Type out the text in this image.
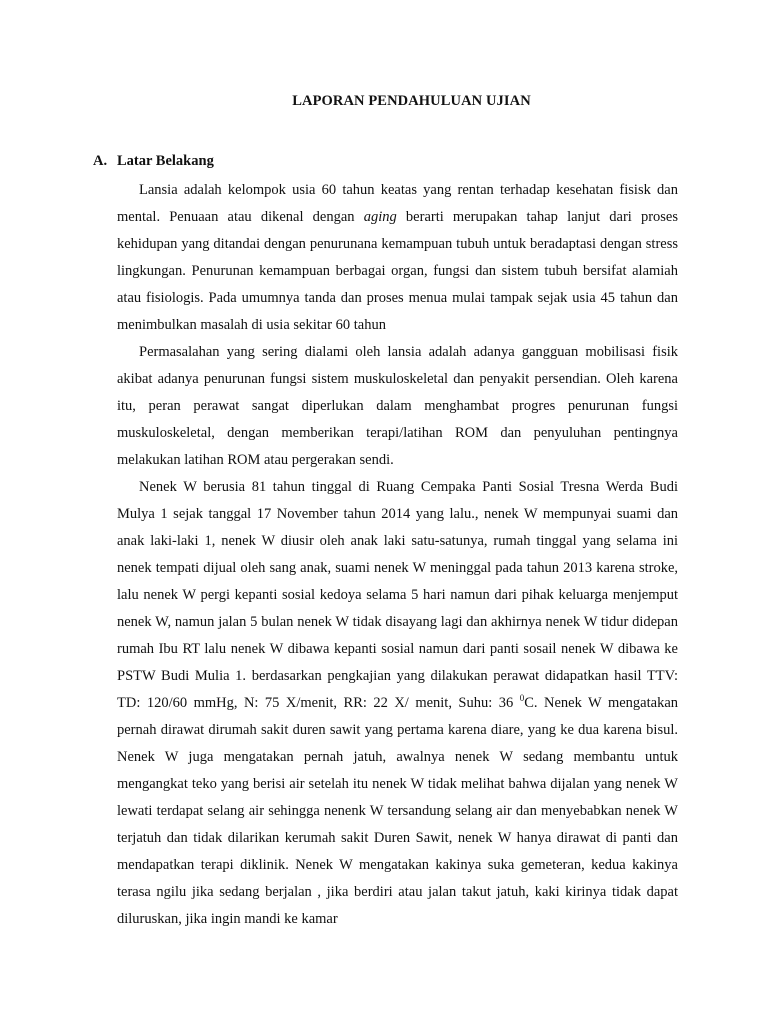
LAPORAN PENDAHULUAN UJIAN
A. Latar Belakang

Lansia adalah kelompok usia 60 tahun keatas yang rentan terhadap kesehatan fisisk dan mental. Penuaan atau dikenal dengan aging berarti merupakan tahap lanjut dari proses kehidupan yang ditandai dengan penurunana kemampuan tubuh untuk beradaptasi dengan stress lingkungan. Penurunan kemampuan berbagai organ, fungsi dan sistem tubuh bersifat alamiah atau fisiologis. Pada umumnya tanda dan proses menua mulai tampak sejak usia 45 tahun dan menimbulkan masalah di usia sekitar 60 tahun

Permasalahan yang sering dialami oleh lansia adalah adanya gangguan mobilisasi fisik akibat adanya penurunan fungsi sistem muskuloskeletal dan penyakit persendian. Oleh karena itu, peran perawat sangat diperlukan dalam menghambat progres penurunan fungsi muskuloskeletal, dengan memberikan terapi/latihan ROM dan penyuluhan pentingnya melakukan latihan ROM atau pergerakan sendi.

Nenek W berusia 81 tahun tinggal di Ruang Cempaka Panti Sosial Tresna Werda Budi Mulya 1 sejak tanggal 17 November tahun 2014 yang lalu., nenek W mempunyai suami dan anak laki-laki 1, nenek W diusir oleh anak laki satu-satunya, rumah tinggal yang selama ini nenek tempati dijual oleh sang anak, suami nenek W meninggal pada tahun 2013 karena stroke, lalu nenek W pergi kepanti sosial kedoya selama 5 hari namun dari pihak keluarga menjemput nenek W, namun jalan 5 bulan nenek W tidak disayang lagi dan akhirnya nenek W tidur didepan rumah Ibu RT lalu nenek W dibawa kepanti sosial namun dari panti sosail nenek W dibawa ke PSTW Budi Mulia 1. berdasarkan pengkajian yang dilakukan perawat didapatkan hasil TTV: TD: 120/60 mmHg, N: 75 X/menit, RR: 22 X/ menit, Suhu: 36 $^0$C. Nenek W mengatakan pernah dirawat dirumah sakit duren sawit yang pertama karena diare, yang ke dua karena bisul. Nenek W juga mengatakan pernah jatuh, awalnya nenek W sedang membantu untuk mengangkat teko yang berisi air setelah itu nenek W tidak melihat bahwa dijalan yang nenek W lewati terdapat selang air sehingga nenenk W tersandung selang air dan menyebabkan nenek W terjatuh dan tidak dilarikan kerumah sakit Duren Sawit, nenek W hanya dirawat di panti dan mendapatkan terapi diklinik. Nenek W mengatakan kakinya suka gemeteran, kedua kakinya terasa ngilu jika sedang berjalan , jika berdiri atau jalan takut jatuh, kaki kirinya tidak dapat diluruskan, jika ingin mandi ke kamar
